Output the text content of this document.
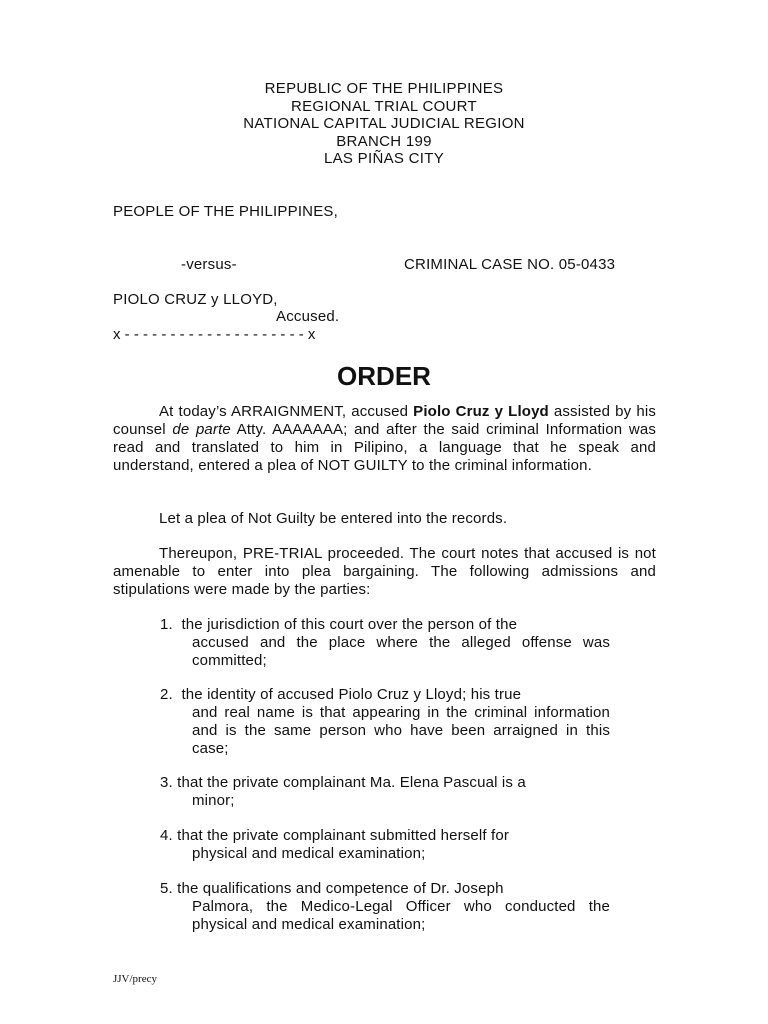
REPUBLIC OF THE PHILIPPINES
REGIONAL TRIAL COURT
NATIONAL CAPITAL JUDICIAL REGION
BRANCH 199
LAS PIÑAS CITY
PEOPLE OF THE PHILIPPINES,
-versus-	CRIMINAL CASE NO. 05-0433
PIOLO CRUZ y LLOYD,
Accused.
x - - - - - - - - - - - - - - - - - - - - x
ORDER
At today’s ARRAIGNMENT, accused Piolo Cruz y Lloyd assisted by his counsel de parte Atty. AAAAAAA; and after the said criminal Information was read and translated to him in Pilipino, a language that he speak and understand, entered a plea of NOT GUILTY to the criminal information.
Let a plea of Not Guilty be entered into the records.
Thereupon, PRE-TRIAL proceeded. The court notes that accused is not amenable to enter into plea bargaining. The following admissions and stipulations were made by the parties:
1. the jurisdiction of this court over the person of the
accused and the place where the alleged offense was committed;
2. the identity of accused Piolo Cruz y Lloyd; his true
and real name is that appearing in the criminal information and is the same person who have been arraigned in this case;
3. that the private complainant Ma. Elena Pascual is a
minor;
4. that the private complainant submitted herself for
physical and medical examination;
5. the qualifications and competence of Dr. Joseph
Palmora, the Medico-Legal Officer who conducted the physical and medical examination;
JJV/precy
